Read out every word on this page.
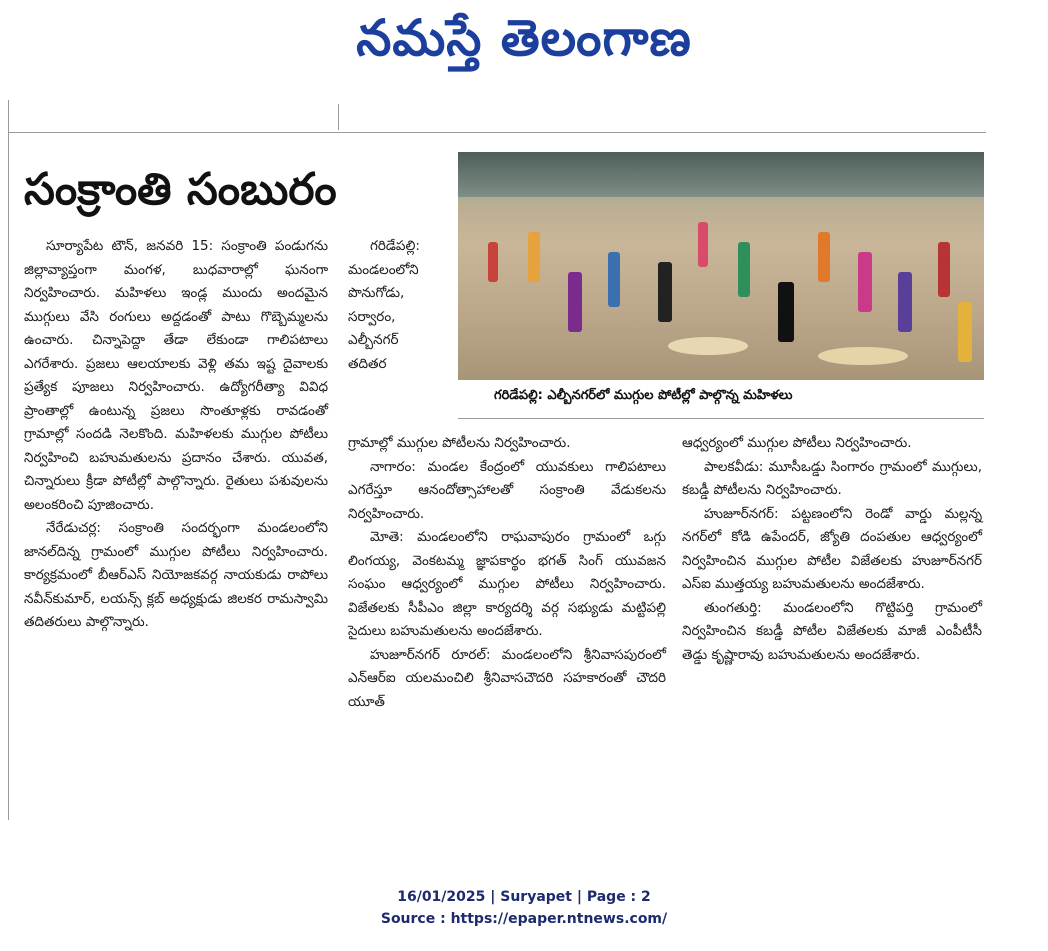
నమస్తే తెలంగాణ
సంక్రాంతి సంబురం
గరిడేపల్లి: ఎల్బీనగర్‌లో ముగ్గుల పోటీల్లో పాల్గొన్న మహిళలు

సూర్యాపేట టౌన్, జనవరి 15: సంక్రాంతి పండుగను జిల్లావ్యాప్తంగా మంగళ, బుధవారాల్లో ఘనంగా నిర్వహించారు. మహిళలు ఇండ్ల ముందు అందమైన ముగ్గులు వేసి రంగులు అద్దడంతో పాటు గొబ్బెమ్మలను ఉంచారు. చిన్నాపెద్దా తేడా లేకుండా గాలిపటాలు ఎగరేశారు. ప్రజలు ఆలయాలకు వెళ్లి తమ ఇష్ట దైవాలకు ప్రత్యేక పూజలు నిర్వహించారు. ఉద్యోగరీత్యా వివిధ ప్రాంతాల్లో ఉంటున్న ప్రజలు సొంతూళ్లకు రావడంతో గ్రామాల్లో సందడి నెలకొంది. మహిళలకు ముగ్గుల పోటీలు నిర్వహించి బహుమతులను ప్రదానం చేశారు. యువత, చిన్నారులు క్రీడా పోటీల్లో పాల్గొన్నారు. రైతులు పశువులను అలంకరించి పూజించారు.

నేరేడుచర్ల: సంక్రాంతి సందర్భంగా మండలంలోని జానల్‌దిన్న గ్రామంలో ముగ్గుల పోటీలు నిర్వహించారు. కార్యక్రమంలో బీఆర్‌ఎస్ నియోజకవర్గ నాయకుడు రాపోలు నవీన్‌కుమార్, లయన్స్ క్లబ్ అధ్యక్షుడు జిలకర రామస్వామి తదితరులు పాల్గొన్నారు.

గరిడేపల్లి: మండలంలోని పొనుగోడు, సర్వారం, ఎల్బీనగర్ తదితర

గ్రామాల్లో ముగ్గుల పోటీలను నిర్వహించారు.

నాగారం: మండల కేంద్రంలో యువకులు గాలిపటాలు ఎగరేస్తూ ఆనందోత్సాహాలతో సంక్రాంతి వేడుకలను నిర్వహించారు.

మోతె: మండలంలోని రాఘవాపురం గ్రామంలో ఒగ్గు లింగయ్య, వెంకటమ్మ జ్ఞాపకార్థం భగత్ సింగ్ యువజన సంఘం ఆధ్వర్యంలో ముగ్గుల పోటీలు నిర్వహించారు. విజేతలకు సీపీఎం జిల్లా కార్యదర్శి వర్గ సభ్యుడు మట్టిపల్లి సైదులు బహుమతులను అందజేశారు.

హుజూర్‌నగర్ రూరల్: మండలంలోని శ్రీనివాసపురంలో ఎన్‌ఆర్‌ఐ యలమంచిలి శ్రీనివాసచౌదరి సహకారంతో చౌదరి యూత్

ఆధ్వర్యంలో ముగ్గుల పోటీలు నిర్వహించారు.

పాలకవీడు: మూసీఒడ్డు సింగారం గ్రామంలో ముగ్గులు, కబడ్డీ పోటీలను నిర్వహించారు.

హుజూర్‌నగర్: పట్టణంలోని రెండో వార్డు మల్లన్న నగర్‌లో కోడి ఉపేందర్, జ్యోతి దంపతుల ఆధ్వర్యంలో నిర్వహించిన ముగ్గుల పోటీల విజేతలకు హుజూర్‌నగర్ ఎస్‌ఐ ముత్తయ్య బహుమతులను అందజేశారు.

తుంగతుర్తి: మండలంలోని గొట్టిపర్తి గ్రామంలో నిర్వహించిన కబడ్డీ పోటీల విజేతలకు మాజీ ఎంపీటీసీ తెడ్డు కృష్ణారావు బహుమతులను అందజేశారు.

16/01/2025 | Suryapet | Page : 2
Source : https://epaper.ntnews.com/
